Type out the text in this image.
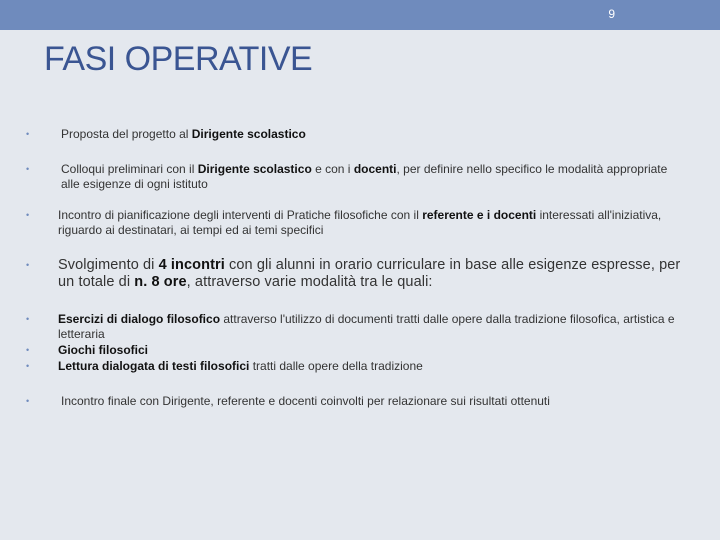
9
FASI OPERATIVE
•	Proposta del progetto al Dirigente scolastico
•	Colloqui preliminari con il Dirigente scolastico e con i docenti, per definire nello specifico le modalità appropriate alle esigenze di ogni istituto
• Incontro di pianificazione degli interventi di Pratiche filosofiche con il referente e i docenti interessati all'iniziativa, riguardo ai destinatari, ai tempi ed ai temi specifici
• Svolgimento di 4 incontri con gli alunni in orario curriculare in base alle esigenze espresse, per un totale di n. 8 ore, attraverso varie modalità tra le quali:
• Esercizi di dialogo filosofico attraverso l'utilizzo di documenti tratti dalle opere dalla tradizione filosofica, artistica e letteraria
• Giochi filosofici
• Lettura dialogata di testi filosofici tratti dalle opere della tradizione
•	Incontro finale con Dirigente, referente e docenti coinvolti per relazionare sui risultati ottenuti
